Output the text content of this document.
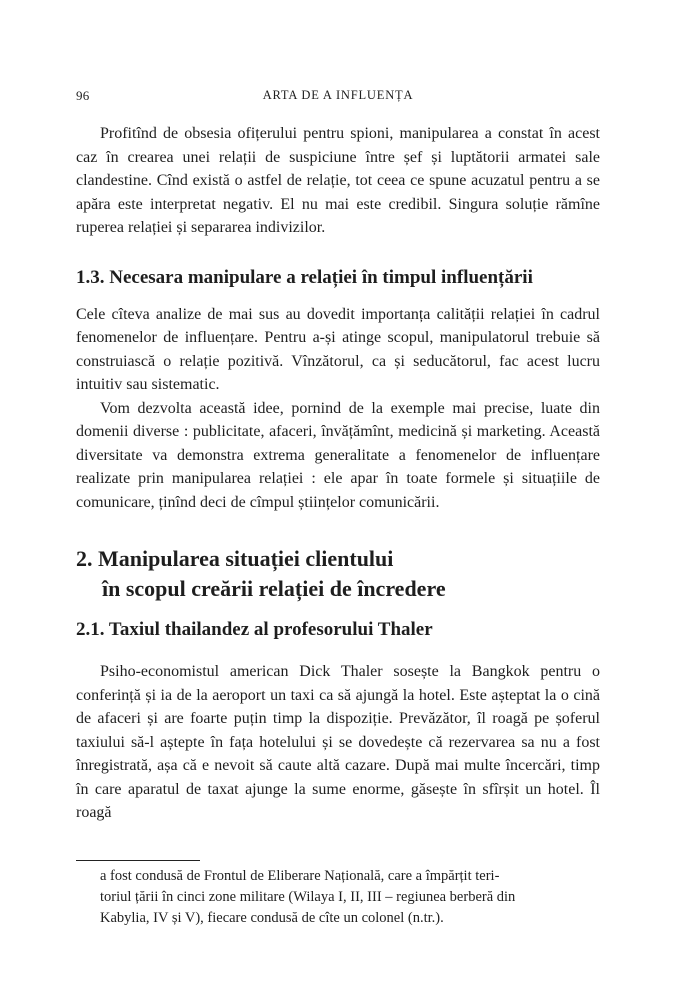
96	ARTA DE A INFLUENȚA

Profitînd de obsesia ofițerului pentru spioni, manipularea a constat în acest caz în crearea unei relații de suspiciune între șef și luptătorii armatei sale clandestine. Cînd există o astfel de relație, tot ceea ce spune acuzatul pentru a se apăra este interpretat negativ. El nu mai este credibil. Singura soluție rămîne ruperea relației și separarea indivizilor.

1.3. Necesara manipulare a relației în timpul influențării

Cele cîteva analize de mai sus au dovedit importanța calității relației în cadrul fenomenelor de influențare. Pentru a-și atinge scopul, manipulatorul trebuie să construiască o relație pozitivă. Vînzătorul, ca și seducătorul, fac acest lucru intuitiv sau sistematic.

Vom dezvolta această idee, pornind de la exemple mai precise, luate din domenii diverse : publicitate, afaceri, învățămînt, medicină și marketing. Această diversitate va demonstra extrema generalitate a fenomenelor de influențare realizate prin manipularea relației : ele apar în toate formele și situațiile de comunicare, ținînd deci de cîmpul științelor comunicării.

2. Manipularea situației clientului
în scopul creării relației de încredere
2.1. Taxiul thailandez al profesorului Thaler

Psiho-economistul american Dick Thaler sosește la Bangkok pentru o conferință și ia de la aeroport un taxi ca să ajungă la hotel. Este așteptat la o cină de afaceri și are foarte puțin timp la dispoziție. Prevăzător, îl roagă pe șoferul taxiului să-l aștepte în fața hotelului și se dovedește că rezervarea sa nu a fost înregistrată, așa că e nevoit să caute altă cazare. După mai multe încercări, timp în care aparatul de taxat ajunge la sume enorme, găsește în sfîrșit un hotel. Îl roagă

a fost condusă de Frontul de Eliberare Națională, care a împărțit teri-
toriul țării în cinci zone militare (Wilaya I, II, III – regiunea berberă din
Kabylia, IV și V), fiecare condusă de cîte un colonel (n.tr.).
